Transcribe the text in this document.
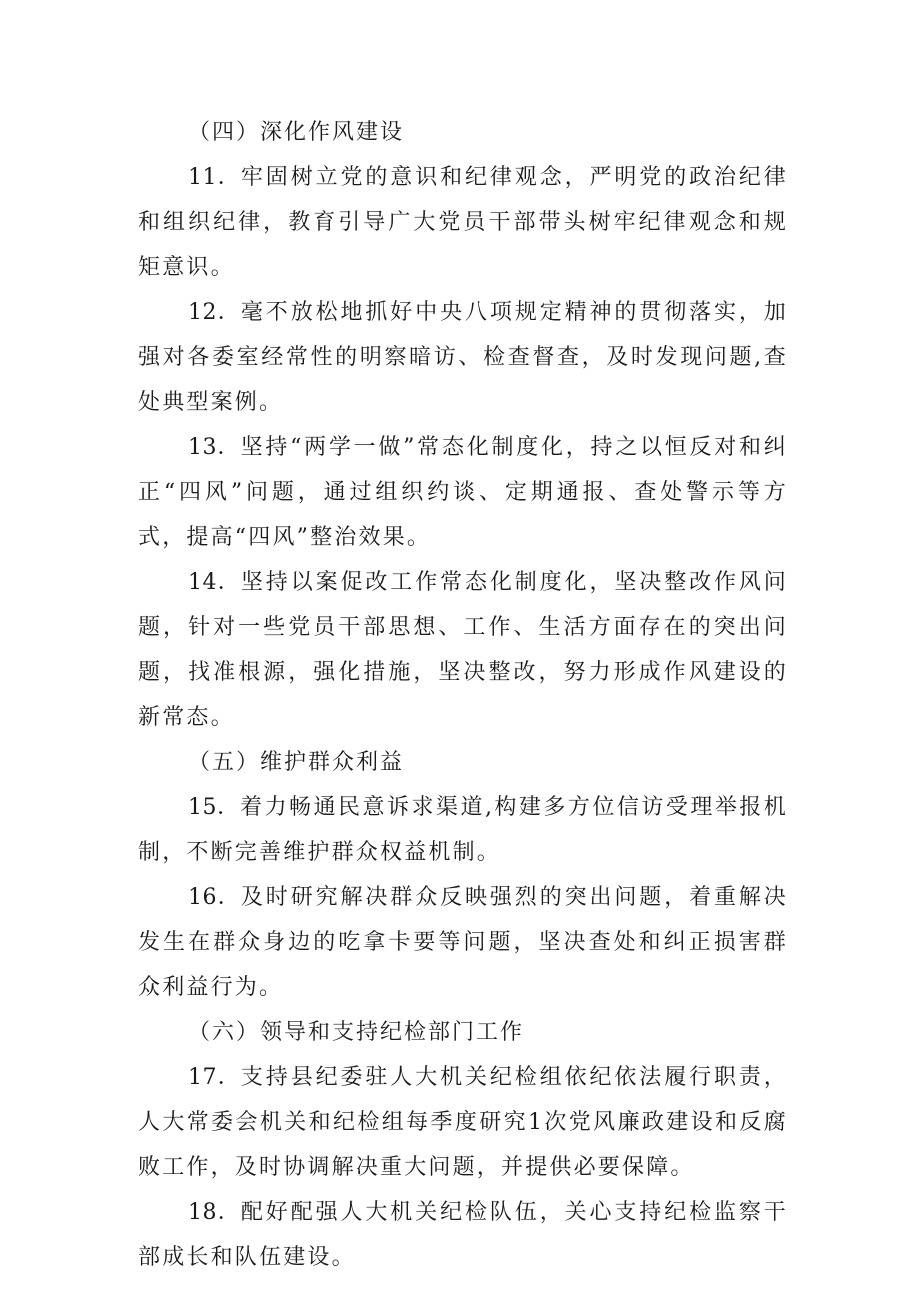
（四）深化作风建设

11．牢固树立党的意识和纪律观念，严明党的政治纪律和组织纪律，教育引导广大党员干部带头树牢纪律观念和规矩意识。

12．毫不放松地抓好中央八项规定精神的贯彻落实，加强对各委室经常性的明察暗访、检查督查，及时发现问题,查处典型案例。

13．坚持“两学一做”常态化制度化，持之以恒反对和纠正“四风”问题，通过组织约谈、定期通报、查处警示等方式，提高“四风”整治效果。

14．坚持以案促改工作常态化制度化，坚决整改作风问题，针对一些党员干部思想、工作、生活方面存在的突出问题，找准根源，强化措施，坚决整改，努力形成作风建设的新常态。

（五）维护群众利益

15．着力畅通民意诉求渠道,构建多方位信访受理举报机制，不断完善维护群众权益机制。

16．及时研究解决群众反映强烈的突出问题，着重解决发生在群众身边的吃拿卡要等问题，坚决查处和纠正损害群众利益行为。

（六）领导和支持纪检部门工作

17．支持县纪委驻人大机关纪检组依纪依法履行职责，人大常委会机关和纪检组每季度研究1次党风廉政建设和反腐败工作，及时协调解决重大问题，并提供必要保障。

18．配好配强人大机关纪检队伍，关心支持纪检监察干部成长和队伍建设。
